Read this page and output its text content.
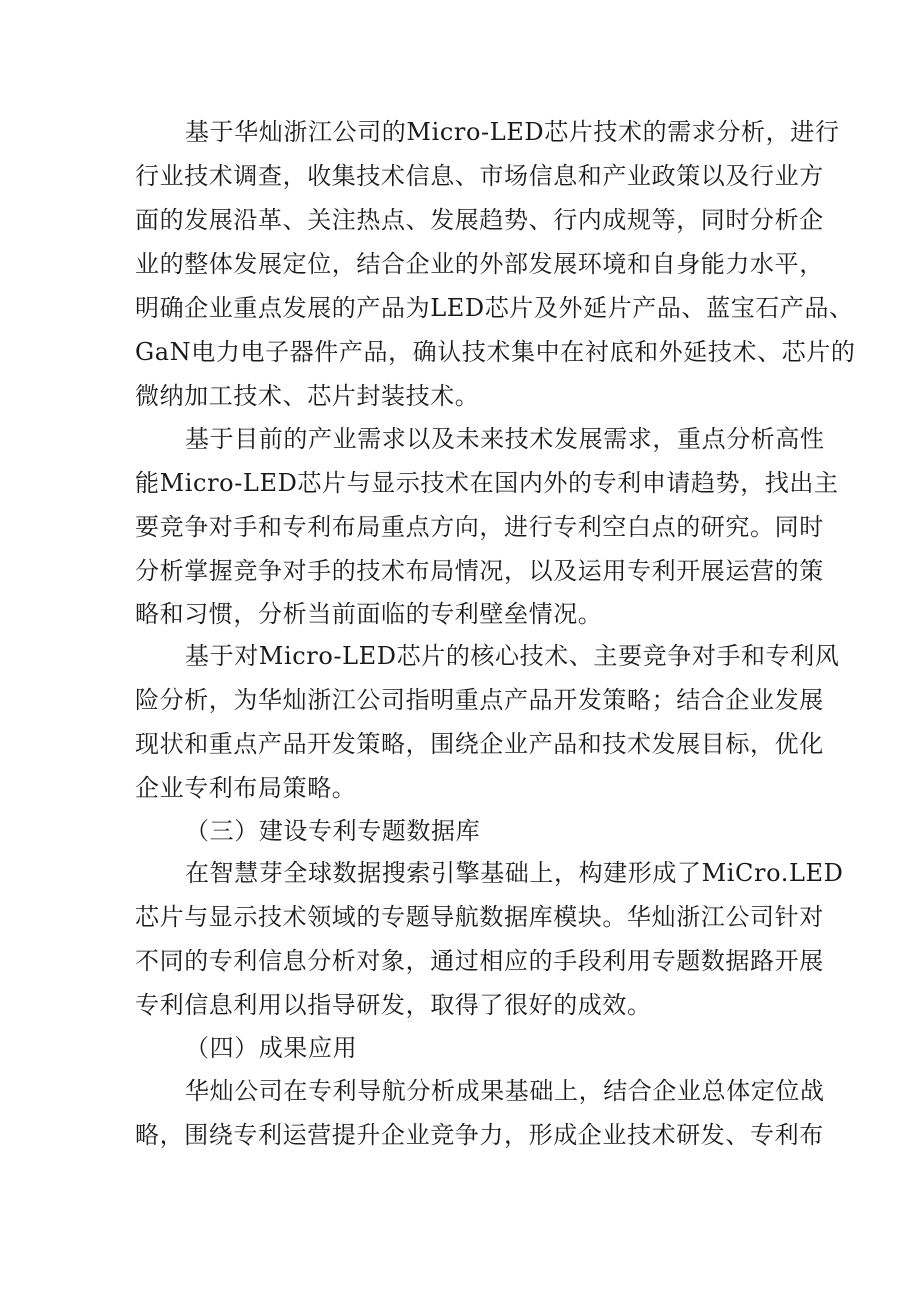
基于华灿浙江公司的Micro-LED芯片技术的需求分析，进行
行业技术调查，收集技术信息、市场信息和产业政策以及行业方
面的发展沿革、关注热点、发展趋势、行内成规等，同时分析企
业的整体发展定位，结合企业的外部发展环境和自身能力水平，
明确企业重点发展的产品为LED芯片及外延片产品、蓝宝石产品、
GaN电力电子器件产品，确认技术集中在衬底和外延技术、芯片的
微纳加工技术、芯片封装技术。
基于目前的产业需求以及未来技术发展需求，重点分析高性
能Micro-LED芯片与显示技术在国内外的专利申请趋势，找出主
要竞争对手和专利布局重点方向，进行专利空白点的研究。同时
分析掌握竞争对手的技术布局情况，以及运用专利开展运营的策
略和习惯，分析当前面临的专利壁垒情况。
基于对Micro-LED芯片的核心技术、主要竞争对手和专利风
险分析，为华灿浙江公司指明重点产品开发策略；结合企业发展
现状和重点产品开发策略，围绕企业产品和技术发展目标，优化
企业专利布局策略。
（三）建设专利专题数据库
在智慧芽全球数据搜索引擎基础上，构建形成了MiCro.LED
芯片与显示技术领域的专题导航数据库模块。华灿浙江公司针对
不同的专利信息分析对象，通过相应的手段利用专题数据路开展
专利信息利用以指导研发，取得了很好的成效。
（四）成果应用
华灿公司在专利导航分析成果基础上，结合企业总体定位战
略，围绕专利运营提升企业竞争力，形成企业技术研发、专利布
